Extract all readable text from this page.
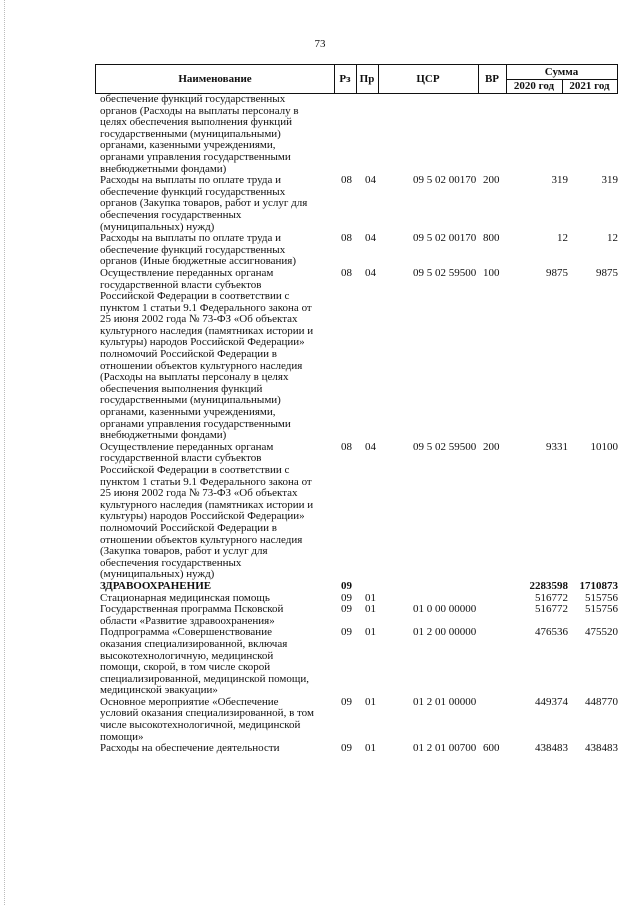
73
Наименование	Рз Пр	ЦСР	ВР
Сумма
2020 год	2021 год
обеспечение функций государственных
органов (Расходы на выплаты персоналу в
целях обеспечения выполнения функций
государственными (муниципальными)
органами, казенными учреждениями,
органами управления государственными
внебюджетными фондами)
Расходы на выплаты по оплате труда и
обеспечение функций государственных
органов (Закупка товаров, работ и услуг для
обеспечения государственных
(муниципальных) нужд)
08 04	09 5 02 00170 200	319	319
Расходы на выплаты по оплате труда и
обеспечение функций государственных
органов (Иные бюджетные ассигнования)
08 04	09 5 02 00170 800	12	12
Осуществление переданных органам
государственной власти субъектов
Российской Федерации в соответствии с
пунктом 1 статьи 9.1 Федерального закона от
25 июня 2002 года № 73-ФЗ «Об объектах
культурного наследия (памятниках истории и
культуры) народов Российской Федерации»
полномочий Российской Федерации в
отношении объектов культурного наследия
(Расходы на выплаты персоналу в целях
обеспечения выполнения функций
государственными (муниципальными)
органами, казенными учреждениями,
органами управления государственными
внебюджетными фондами)
08 04	09 5 02 59500 100	9875	9875
Осуществление переданных органам
государственной власти субъектов
Российской Федерации в соответствии с
пунктом 1 статьи 9.1 Федерального закона от
25 июня 2002 года № 73-ФЗ «Об объектах
культурного наследия (памятниках истории и
культуры) народов Российской Федерации»
полномочий Российской Федерации в
отношении объектов культурного наследия
(Закупка товаров, работ и услуг для
обеспечения государственных
(муниципальных) нужд)
08 04	09 5 02 59500 200	9331 10100
ЗДРАВООХРАНЕНИЕ	09	2283598 1710873
Стационарная медицинская помощь	09 01	516772 515756
Государственная программа Псковской
области «Развитие здравоохранения»
09 01	01 0 00 00000	516772 515756
Подпрограмма «Совершенствование
оказания специализированной, включая
высокотехнологичную, медицинской
помощи, скорой, в том числе скорой
специализированной, медицинской помощи,
медицинской эвакуации»
09 01	01 2 00 00000	476536 475520
Основное мероприятие «Обеспечение
условий оказания специализированной, в том
числе высокотехнологичной, медицинской
помощи»
09 01	01 2 01 00000	449374 448770
Расходы на обеспечение деятельности	09 01	01 2 01 00700 600	438483 438483
